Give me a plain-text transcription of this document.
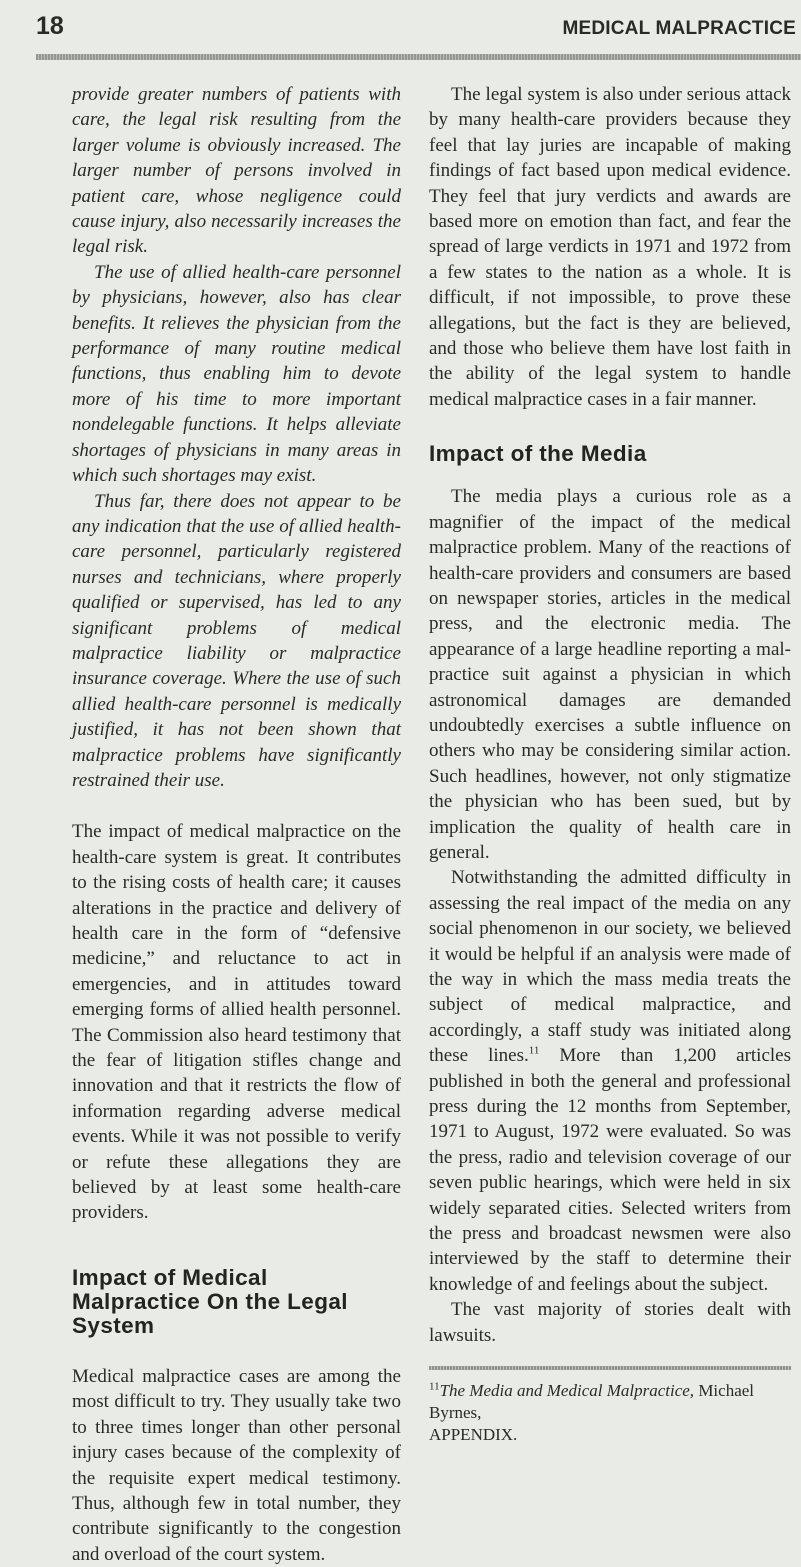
18	MEDICAL MALPRACTICE

provide greater numbers of patients with care, the legal risk resulting from the larger volume is obviously increased. The larger number of persons involved in patient care, whose negligence could cause injury, also necessarily increases the legal risk.

The use of allied health-care personnel by physicians, however, also has clear benefits. It relieves the physician from the performance of many routine medical functions, thus enabling him to devote more of his time to more important nondelegable functions. It helps alleviate shortages of physicians in many areas in which such shortages may exist.

Thus far, there does not appear to be any indication that the use of allied health-care personnel, particularly registered nurses and technicians, where properly qualified or supervised, has led to any significant problems of medical malpractice liability or malpractice insurance coverage. Where the use of such allied health-care personnel is medically justified, it has not been shown that malpractice problems have significantly restrained their use.

The impact of medical malpractice on the health-care system is great. It contributes to the rising costs of health care; it causes alterations in the practice and delivery of health care in the form of “defensive medicine,” and reluctance to act in emergencies, and in attitudes toward emerging forms of allied health personnel. The Commission also heard testimony that the fear of litigation stifles change and innovation and that it restricts the flow of information regarding adverse medical events. While it was not possible to verify or refute these allegations they are believed by at least some health-care providers.

Impact of Medical Malpractice On the Legal System

Medical malpractice cases are among the most difficult to try. They usually take two to three times longer than other personal injury cases because of the complexity of the requisite expert medical testimony. Thus, although few in total number, they contribute significantly to the congestion and overload of the court system.

The legal system is also under serious attack by many health-care providers because they feel that lay juries are incapable of making findings of fact based upon medical evidence. They feel that jury verdicts and awards are based more on emotion than fact, and fear the spread of large verdicts in 1971 and 1972 from a few states to the nation as a whole. It is difficult, if not impossible, to prove these allegations, but the fact is they are believed, and those who believe them have lost faith in the ability of the legal system to handle medical malpractice cases in a fair manner.

Impact of the Media

The media plays a curious role as a magnifier of the impact of the medical malpractice problem. Many of the reactions of health-care providers and consumers are based on newspaper stories, articles in the medical press, and the electronic media. The appearance of a large headline reporting a mal-practice suit against a physician in which astronomical damages are demanded undoubtedly exercises a subtle influence on others who may be considering similar action. Such headlines, however, not only stigmatize the physician who has been sued, but by implication the quality of health care in general.

Notwithstanding the admitted difficulty in assessing the real impact of the media on any social phenomenon in our society, we believed it would be helpful if an analysis were made of the way in which the mass media treats the subject of medical malpractice, and accordingly, a staff study was initiated along these lines.$^{11}$ More than 1,200 articles published in both the general and professional press during the 12 months from September, 1971 to August, 1972 were evaluated. So was the press, radio and television coverage of our seven public hearings, which were held in six widely separated cities. Selected writers from the press and broadcast newsmen were also interviewed by the staff to determine their knowledge of and feelings about the subject.

The vast majority of stories dealt with lawsuits.

$^{11}$The Media and Medical Malpractice, Michael Byrnes,
APPENDIX.
